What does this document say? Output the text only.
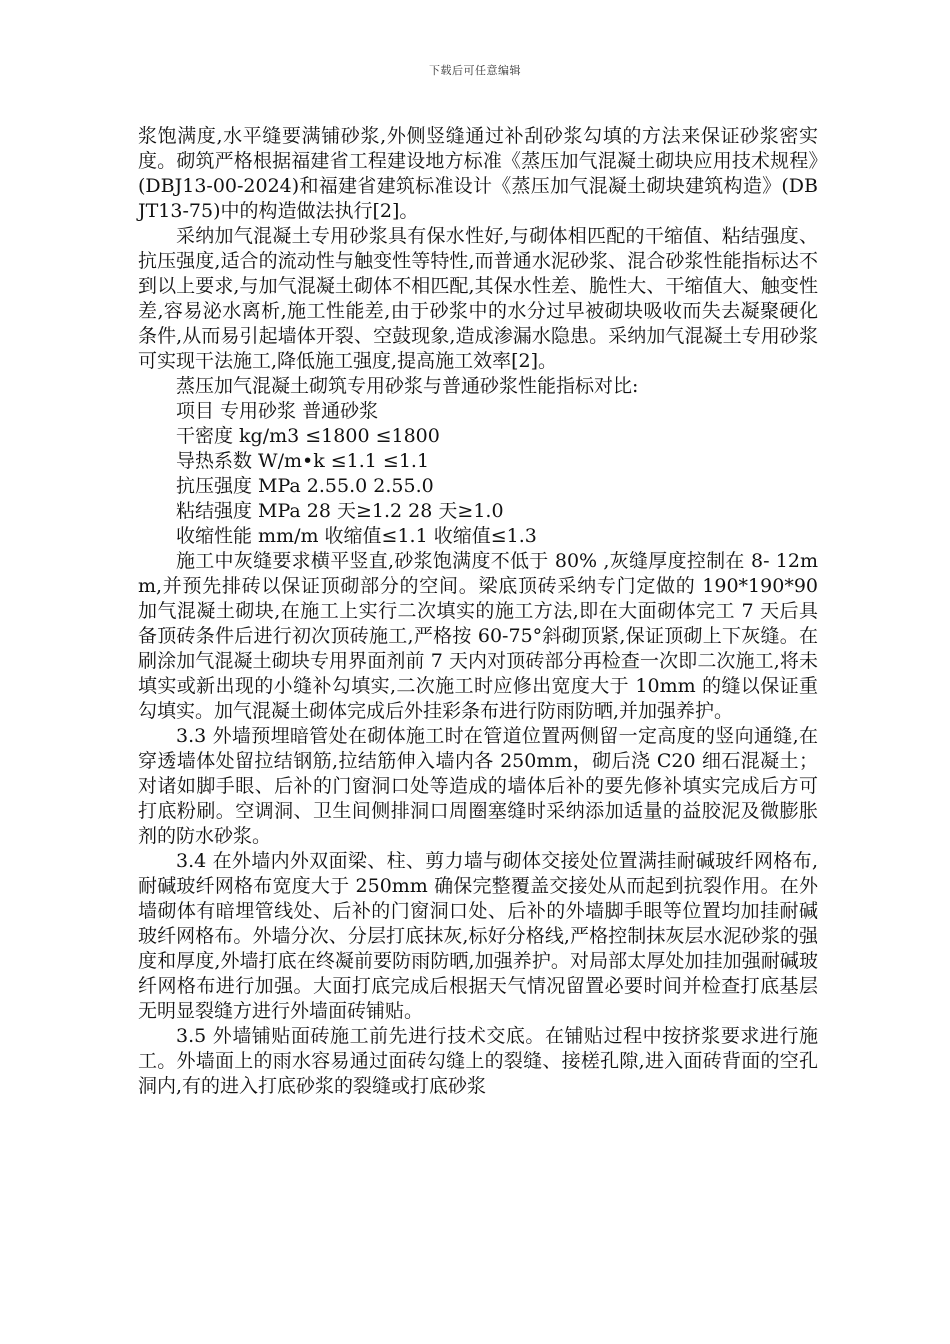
下载后可任意编辑

浆饱满度,水平缝要满铺砂浆,外侧竖缝通过补刮砂浆勾填的方法来保证砂浆密实度。砌筑严格根据福建省工程建设地方标准《蒸压加气混凝土砌块应用技术规程》(DBJ13-00-2024)和福建省建筑标准设计《蒸压加气混凝土砌块建筑构造》(DBJT13-75)中的构造做法执行[2]。

采纳加气混凝土专用砂浆具有保水性好,与砌体相匹配的干缩值、粘结强度、抗压强度,适合的流动性与触变性等特性,而普通水泥砂浆、混合砂浆性能指标达不到以上要求,与加气混凝土砌体不相匹配,其保水性差、脆性大、干缩值大、触变性差,容易泌水离析,施工性能差,由于砂浆中的水分过早被砌块吸收而失去凝聚硬化条件,从而易引起墙体开裂、空鼓现象,造成渗漏水隐患。采纳加气混凝土专用砂浆可实现干法施工,降低施工强度,提高施工效率[2]。

蒸压加气混凝土砌筑专用砂浆与普通砂浆性能指标对比:

项目 专用砂浆 普通砂浆

干密度 kg/m3 ≤1800 ≤1800

导热系数 W/m•k ≤1.1 ≤1.1

抗压强度 MPa 2.55.0 2.55.0

粘结强度 MPa 28 天≥1.2 28 天≥1.0

收缩性能 mm/m 收缩值≤1.1 收缩值≤1.3

施工中灰缝要求横平竖直,砂浆饱满度不低于 80% ,灰缝厚度控制在 8- 12mm,并预先排砖以保证顶砌部分的空间。梁底顶砖采纳专门定做的 190*190*90 加气混凝土砌块,在施工上实行二次填实的施工方法,即在大面砌体完工 7 天后具备顶砖条件后进行初次顶砖施工,严格按 60-75°斜砌顶紧,保证顶砌上下灰缝。在刷涂加气混凝土砌块专用界面剂前 7 天内对顶砖部分再检查一次即二次施工,将未填实或新出现的小缝补勾填实,二次施工时应修出宽度大于 10mm 的缝以保证重勾填实。加气混凝土砌体完成后外挂彩条布进行防雨防晒,并加强养护。

3.3 外墙预埋暗管处在砌体施工时在管道位置两侧留一定高度的竖向通缝,在穿透墙体处留拉结钢筋,拉结筋伸入墙内各 250mm，砌后浇 C20 细石混凝土；对诸如脚手眼、后补的门窗洞口处等造成的墙体后补的要先修补填实完成后方可打底粉刷。空调洞、卫生间侧排洞口周圈塞缝时采纳添加适量的益胶泥及微膨胀剂的防水砂浆。

3.4 在外墙内外双面梁、柱、剪力墙与砌体交接处位置满挂耐碱玻纤网格布,耐碱玻纤网格布宽度大于 250mm 确保完整覆盖交接处从而起到抗裂作用。在外墙砌体有暗埋管线处、后补的门窗洞口处、后补的外墙脚手眼等位置均加挂耐碱玻纤网格布。外墙分次、分层打底抹灰,标好分格线,严格控制抹灰层水泥砂浆的强度和厚度,外墙打底在终凝前要防雨防晒,加强养护。对局部太厚处加挂加强耐碱玻纤网格布进行加强。大面打底完成后根据天气情况留置必要时间并检查打底基层无明显裂缝方进行外墙面砖铺贴。

3.5 外墙铺贴面砖施工前先进行技术交底。在铺贴过程中按挤浆要求进行施工。外墙面上的雨水容易通过面砖勾缝上的裂缝、接槎孔隙,进入面砖背面的空孔洞内,有的进入打底砂浆的裂缝或打底砂浆
